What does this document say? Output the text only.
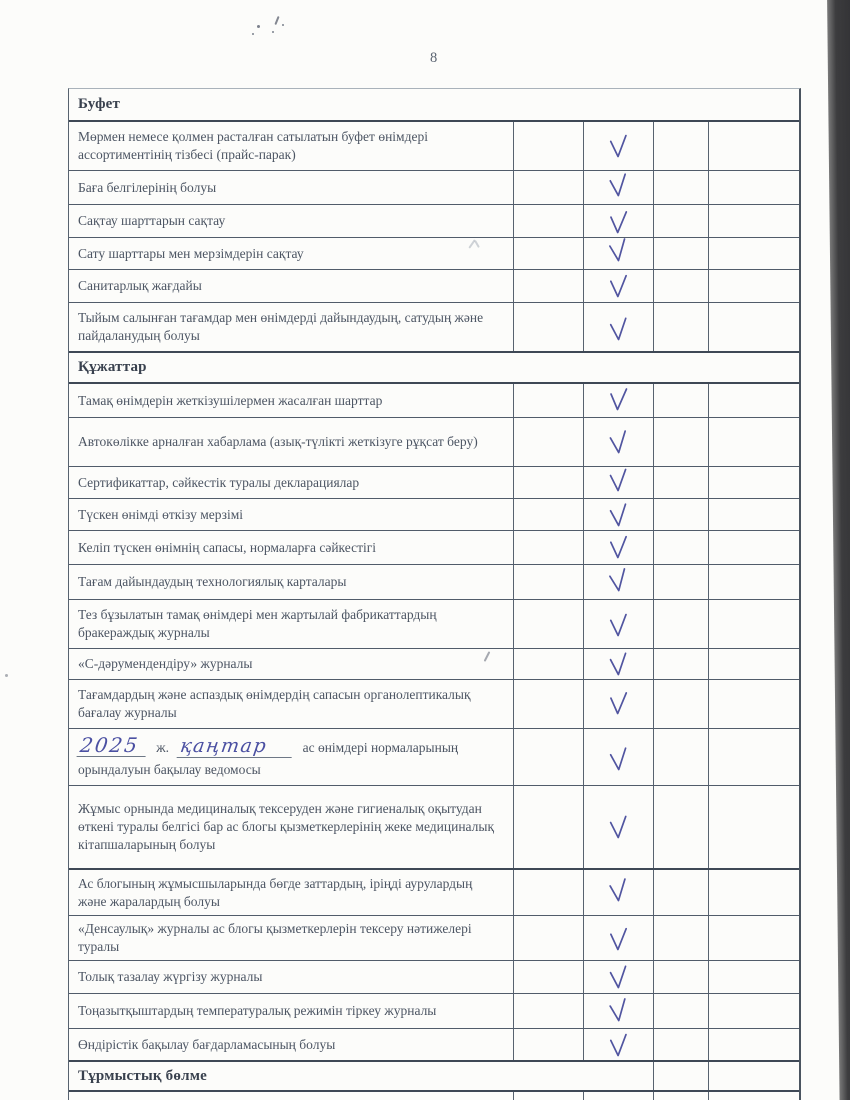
8
Буфет
Мөрмен немесе қолмен расталған сатылатын буфет өнімдері ассортиментінің тізбесі (прайс-парак)
Баға белгілерінің болуы
Сақтау шарттарын сақтау
Сату шарттары мен мерзімдерін сақтау
Санитарлық жағдайы
Тыйым салынған тағамдар мен өнімдерді дайындаудың, сатудың және пайдаланудың болуы
Құжаттар
Тамақ өнімдерін жеткізушілермен жасалған шарттар
Автокөлікке арналған хабарлама (азық-түлікті жеткізуге рұқсат беру)
Сертификаттар, сәйкестік туралы декларациялар
Түскен өнімді өткізу мерзімі
Келіп түскен өнімнің сапасы, нормаларға сәйкестігі
Тағам дайындаудың технологиялық карталары
Тез бұзылатын тамақ өнімдері мен жартылай фабрикаттардың бракераждық журналы
«С-дәрумендендіру» журналы
Тағамдардың және аспаздық өнімдердің сапасын органолептикалық бағалау журналы
2025 ж. қаңтар ас өнімдері нормаларының
орындалуын бақылау ведомосы
Жұмыс орнында медициналық тексеруден және гигиеналық оқытудан өткені туралы белгісі бар ас блогы қызметкерлерінің жеке медициналық кітапшаларының болуы
Ас блогының жұмысшыларында бөгде заттардың, іріңді аурулардың және жаралардың болуы
«Денсаулық» журналы ас блогы қызметкерлерін тексеру нәтижелері туралы
Толық тазалау жүргізу журналы
Тоңазытқыштардың температуралық режимін тіркеу журналы
Өндірістік бақылау бағдарламасының болуы
Тұрмыстық бөлме
